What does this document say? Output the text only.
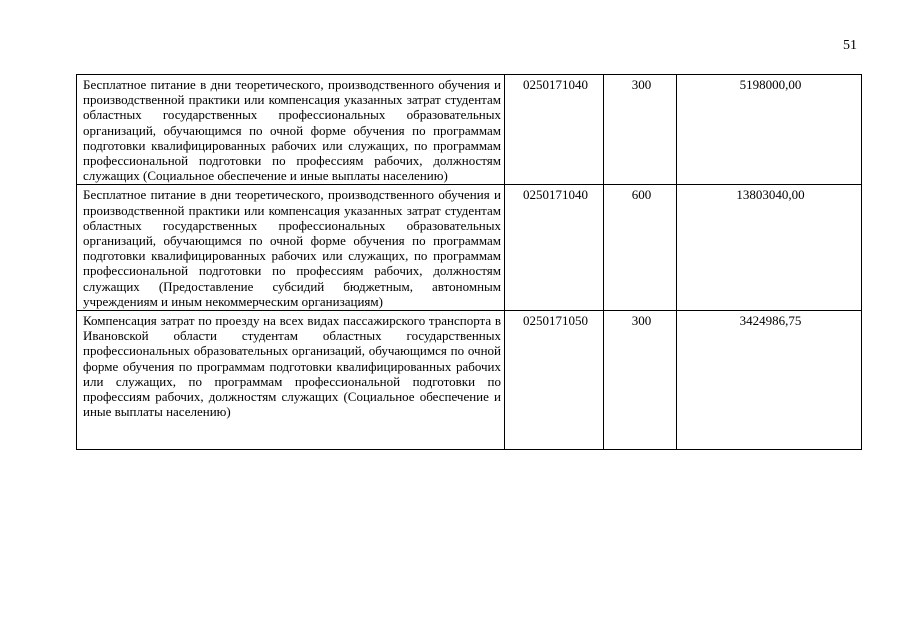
51
Бесплатное питание в дни теоретического, производственного обучения и производственной практики или компенсация указанных затрат студентам областных государственных профессиональных образовательных организаций, обучающимся по очной форме обучения по программам подготовки квалифицированных рабочих или служащих, по программам профессиональной подготовки по профессиям рабочих, должностям служащих (Социальное обеспечение и иные выплаты населению)	0250171040	300	5198000,00
Бесплатное питание в дни теоретического, производственного обучения и производственной практики или компенсация указанных затрат студентам областных государственных профессиональных образовательных организаций, обучающимся по очной форме обучения по программам подготовки квалифицированных рабочих или служащих, по программам профессиональной подготовки по профессиям рабочих, должностям служащих (Предоставление субсидий бюджетным, автономным учреждениям и иным некоммерческим организациям)	0250171040	600	13803040,00
Компенсация затрат по проезду на всех видах пассажирского транспорта в Ивановской области студентам областных государственных профессиональных образовательных организаций, обучающимся по очной форме обучения по программам подготовки квалифицированных рабочих или служащих, по программам профессиональной подготовки по профессиям рабочих, должностям служащих (Социальное обеспечение и иные выплаты населению)	0250171050	300	3424986,75
